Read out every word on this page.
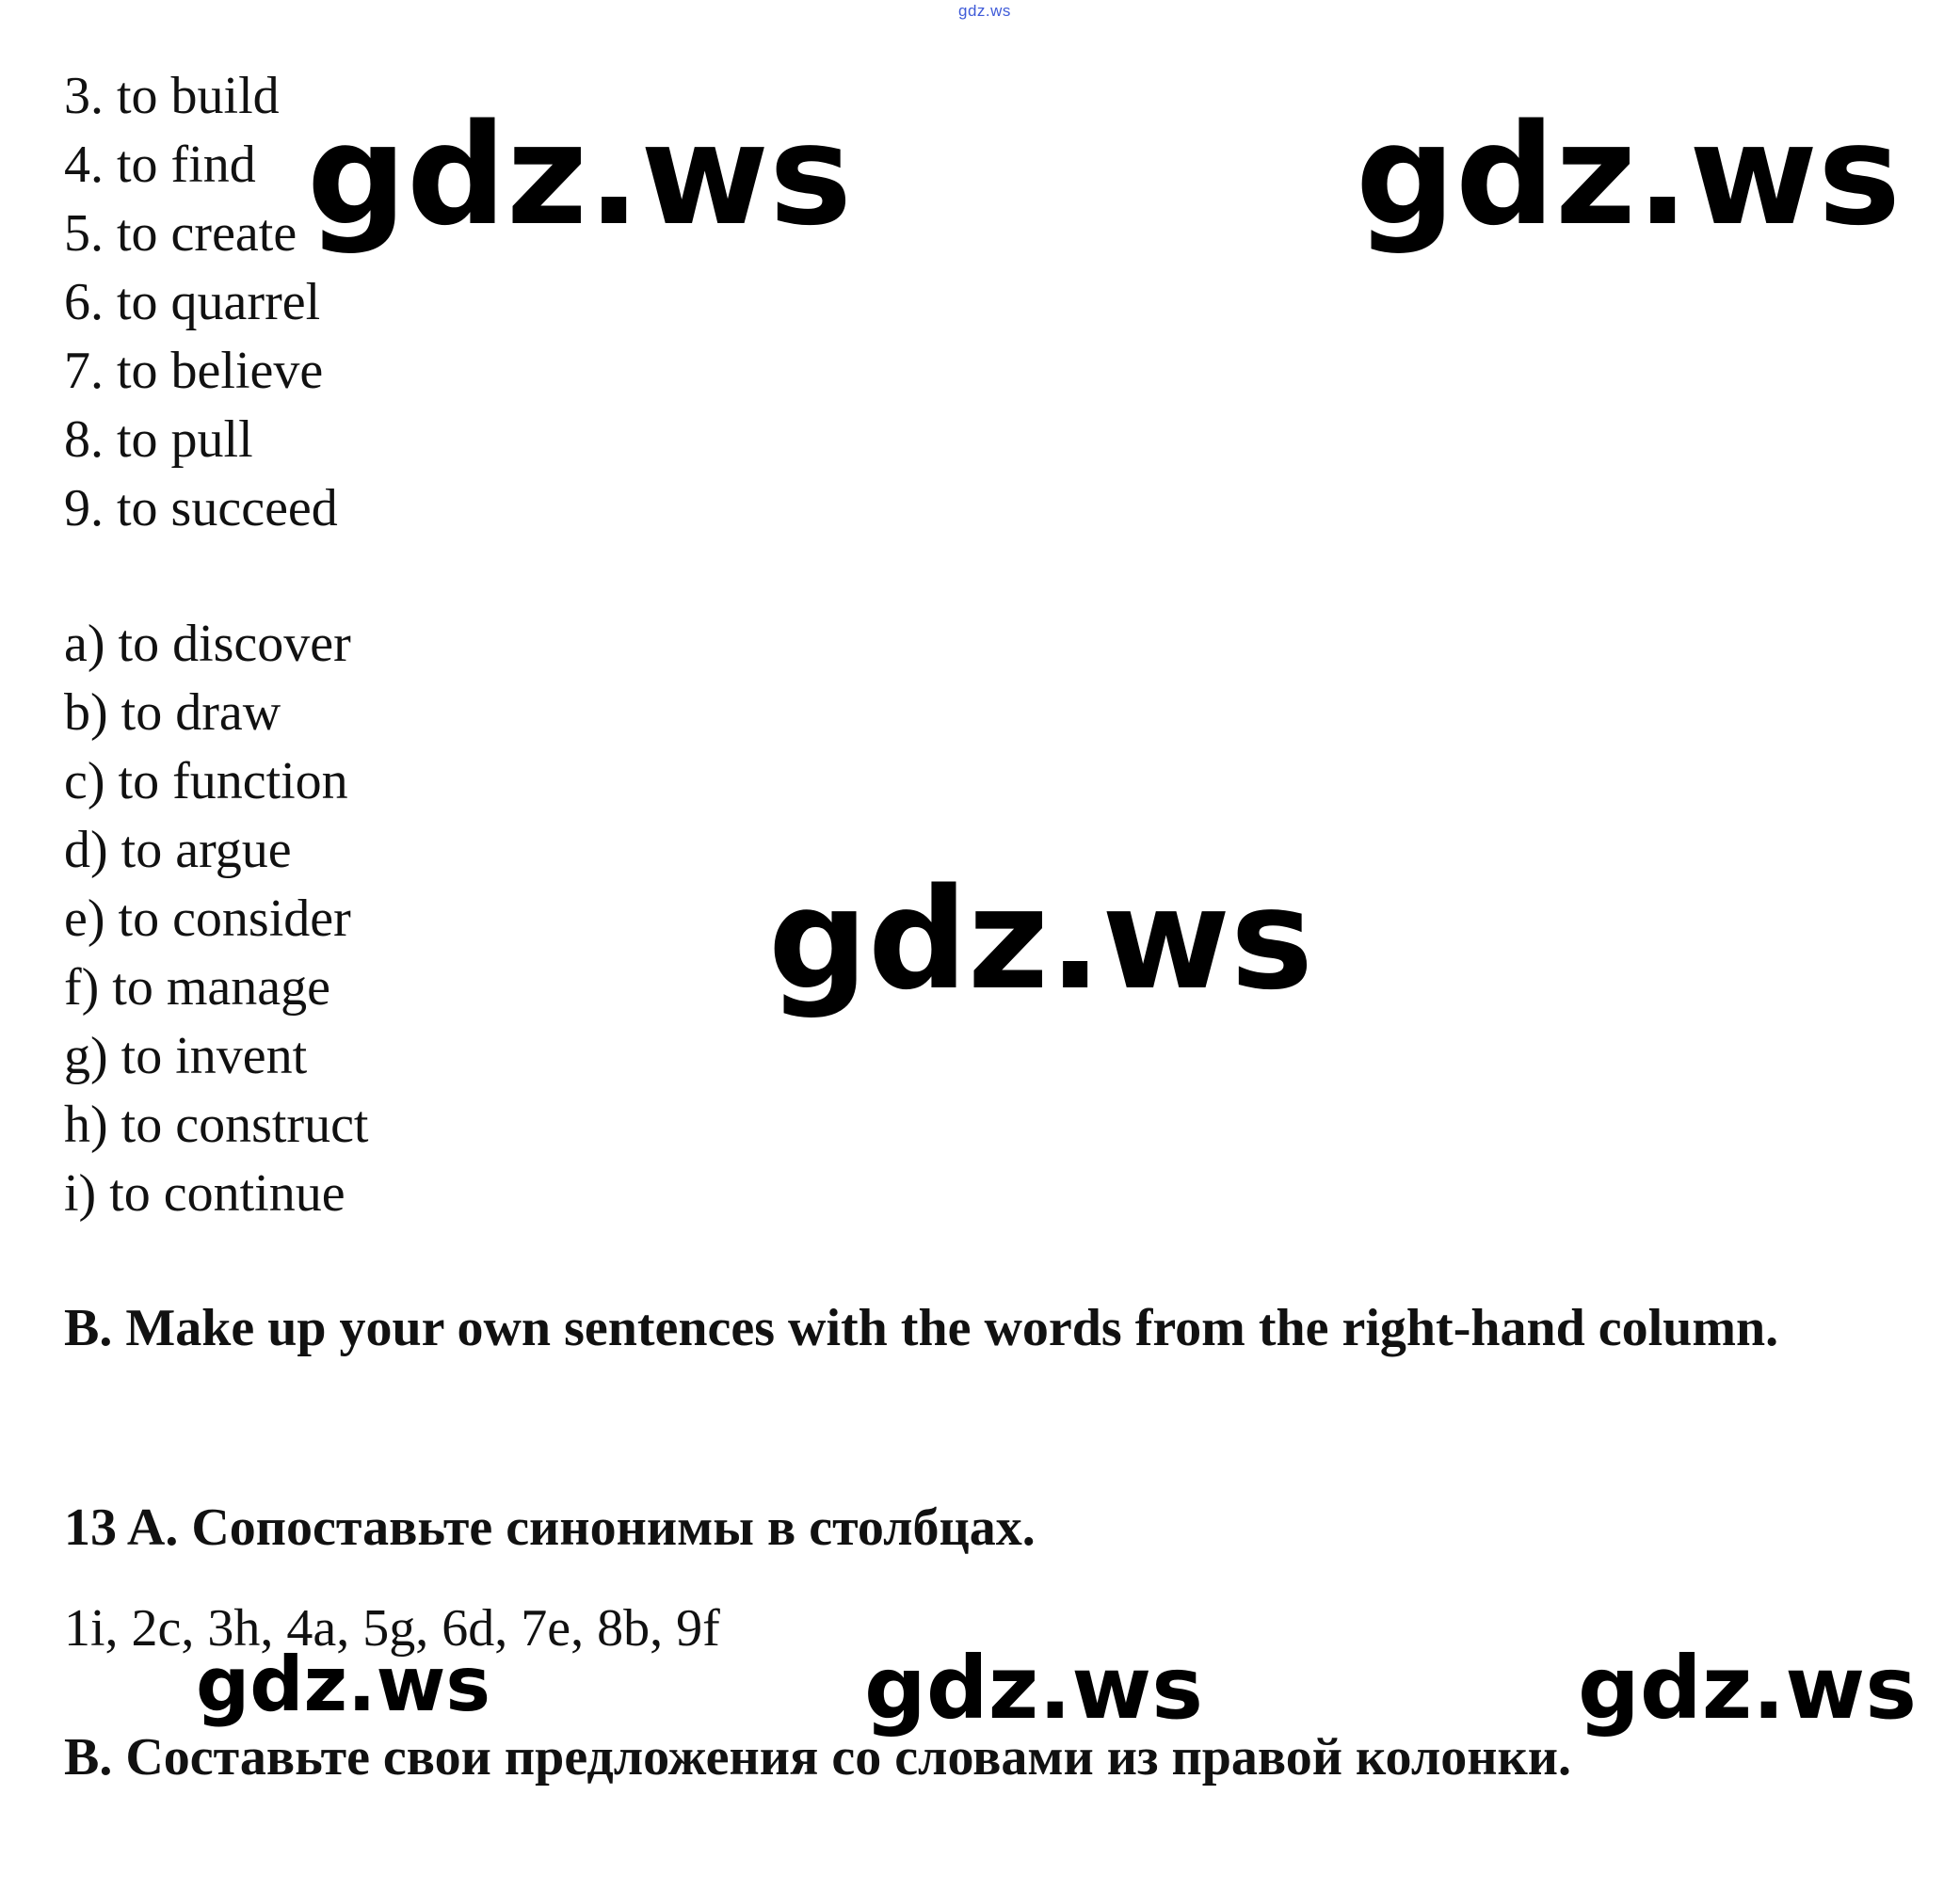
gdz.ws
3. to build
4. to find
5. to create
6. to quarrel
7. to believe
8. to pull
9. to succeed
a) to discover
b) to draw
c) to function
d) to argue
e) to consider
f) to manage
g) to invent
h) to construct
i) to continue

B. Make up your own sentences with the words from the right-hand column.

13 A. Сопоставьте синонимы в столбцах.

1i, 2c, 3h, 4a, 5g, 6d, 7e, 8b, 9f

B. Составьте свои предложения со словами из правой колонки.

gdz.ws	gdz.ws
gdz.ws
gdz.ws	gdz.ws	gdz.ws
